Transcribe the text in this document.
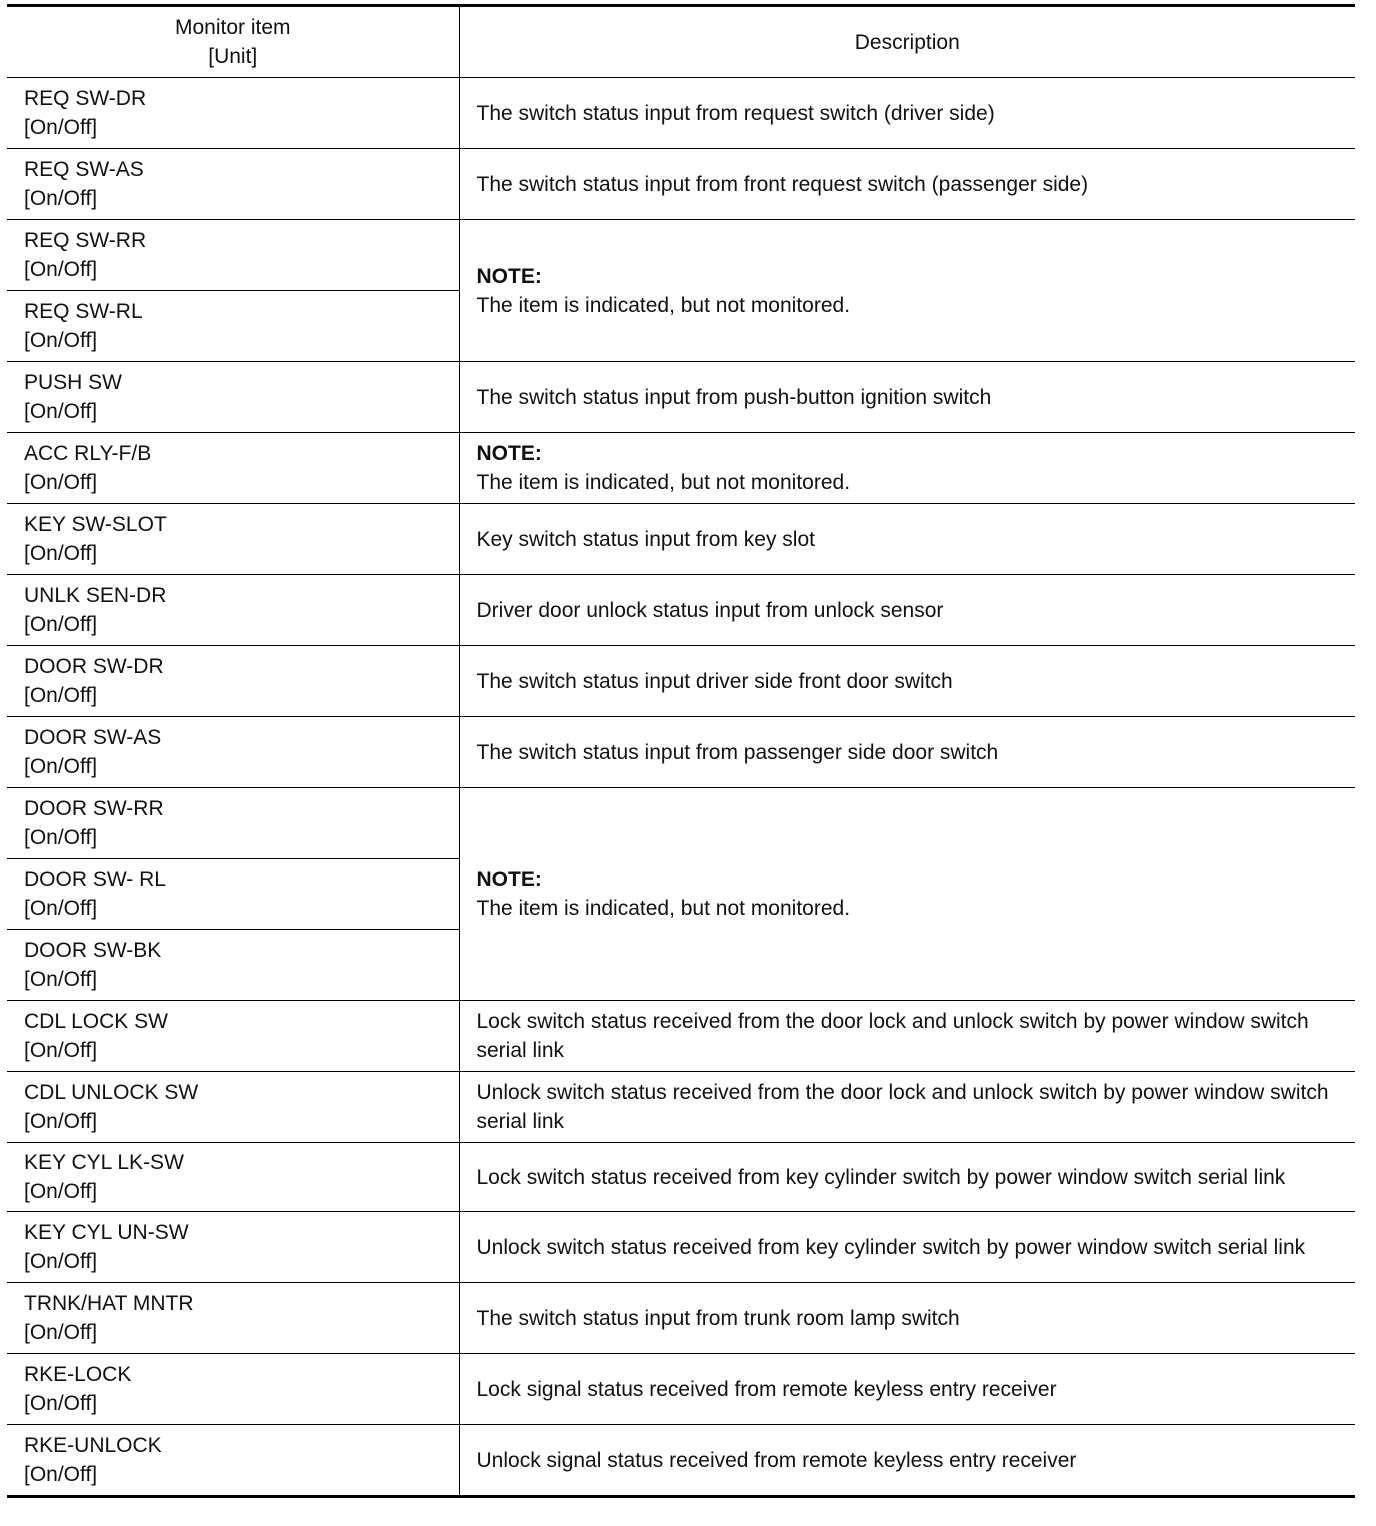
Monitor item
[Unit]	Description

REQ SW-DR
[On/Off]	The switch status input from request switch (driver side)

REQ SW-AS
[On/Off]	The switch status input from front request switch (passenger side)

REQ SW-RR
[On/Off]	NOTE:
The item is indicated, but not monitored.

REQ SW-RL
[On/Off]	

PUSH SW
[On/Off]	The switch status input from push-button ignition switch

ACC RLY-F/B
[On/Off]	NOTE:
The item is indicated, but not monitored.

KEY SW-SLOT
[On/Off]	Key switch status input from key slot

UNLK SEN-DR
[On/Off]	Driver door unlock status input from unlock sensor

DOOR SW-DR
[On/Off]	The switch status input driver side front door switch

DOOR SW-AS
[On/Off]	The switch status input from passenger side door switch

DOOR SW-RR
[On/Off]	NOTE:
The item is indicated, but not monitored.

DOOR SW- RL
[On/Off]	

DOOR SW-BK
[On/Off]	

CDL LOCK SW
[On/Off]	Lock switch status received from the door lock and unlock switch by power window switch serial link

CDL UNLOCK SW
[On/Off]	Unlock switch status received from the door lock and unlock switch by power window switch serial link

KEY CYL LK-SW
[On/Off]	Lock switch status received from key cylinder switch by power window switch serial link

KEY CYL UN-SW
[On/Off]	Unlock switch status received from key cylinder switch by power window switch serial link

TRNK/HAT MNTR
[On/Off]	The switch status input from trunk room lamp switch

RKE-LOCK
[On/Off]	Lock signal status received from remote keyless entry receiver

RKE-UNLOCK
[On/Off]	Unlock signal status received from remote keyless entry receiver
